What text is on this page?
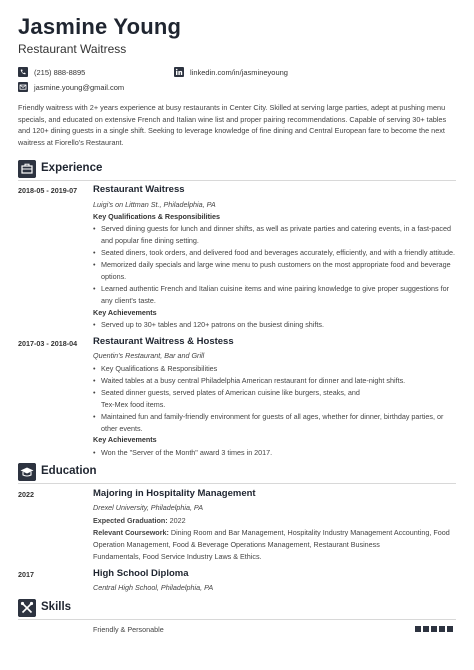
Jasmine Young
Restaurant Waitress
(215) 888-8895	linkedin.com/in/jasmineyoung
jasmine.young@gmail.com
Friendly waitress with 2+ years experience at busy restaurants in Center City. Skilled at serving large parties, adept at pushing menu specials, and educated on extensive French and Italian wine list and proper pairing recommendations. Capable of serving 30+ tables and 120+ dining guests in a single shift. Seeking to leverage knowledge of fine dining and Central European fare to become the next waitress at Fiorello's Restaurant.
Experience
2018-05 - 2019-07 Restaurant Waitress
Luigi's on Littman St., Philadelphia, PA
Key Qualifications & Responsibilities
• Served dining guests for lunch and dinner shifts, as well as private parties and catering events, in a fast-paced
and popular fine dining setting.
• Seated diners, took orders, and delivered food and beverages accurately, efficiently, and with a friendly attitude.
• Memorized daily specials and large wine menu to push customers on the most appropriate food and beverage
options.
• Learned authentic French and Italian cuisine items and wine pairing knowledge to give proper suggestions for
any client's taste.
Key Achievements
• Served up to 30+ tables and 120+ patrons on the busiest dining shifts.
2017-03 - 2018-04 Restaurant Waitress & Hostess
Quentin's Restaurant, Bar and Grill
• Key Qualifications & Responsibilities
• Waited tables at a busy central Philadelphia American restaurant for dinner and late-night shifts.
• Seated dinner guests, served plates of American cuisine like burgers, steaks, and
Tex-Mex food items.
• Maintained fun and family-friendly environment for guests of all ages, whether for dinner, birthday parties, or
other events.
Key Achievements
• Won the "Server of the Month" award 3 times in 2017.
Education
2022	Majoring in Hospitality Management
Drexel University, Philadelphia, PA
Expected Graduation: 2022
Relevant Coursework: Dining Room and Bar Management, Hospitality Industry Management Accounting, Food
Operation Management, Food & Beverage Operations Management, Restaurant Business
Fundamentals, Food Service Industry Laws & Ethics.
2017	High School Diploma
Central High School, Philadelphia, PA
Skills
Friendly & Personable
